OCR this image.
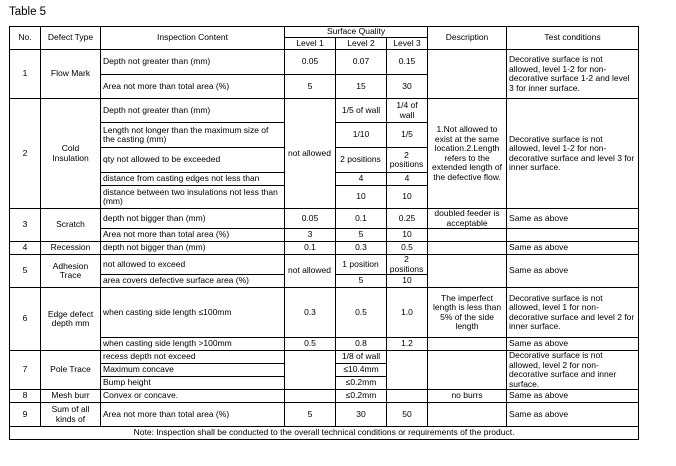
Table 5
No.	Defect Type	Inspection Content	Surface Quality			Description	Test conditions
			Level 1	Level 2	Level 3		
1	Flow Mark	Depth not greater than (mm)	0.05	0.07	0.15		Decorative surface is not allowed, level 1-2 for non-decorative surface 1-2 and level 3 for inner surface.
		Area not more than total area (%)	5	15	30		
2	Cold Insulation	Depth not greater than (mm)	not allowed	1/5 of wall	1/4 of wall	1.Not allowed to exist at the same location.2.Length refers to the extended length of the defective flow.	Decorative surface is not allowed, level 1-2 for non-decorative surface and level 3 for inner surface.
		Length not longer than the maximum size of the casting (mm)		1/10	1/5		
		qty not allowed to be exceeded		2 positions	2 positions		
		distance from casting edges not less than		4	4		
		distance between two insulations not less than (mm)		10	10		
3	Scratch	depth not bigger than (mm)	0.05	0.1	0.25	doubled feeder is acceptable	Same as above
		Area not more than total area (%)	3	5	10		
4	Recession	depth not bigger than (mm)	0.1	0.3	0.5		Same as above
5	Adhesion Trace	not allowed to exceed	not allowed	1 position	2 positions		Same as above
		area covers defective surface area (%)		5	10		
6	Edge defect depth mm	when casting side length ≤100mm	0.3	0.5	1.0	The imperfect length is less than 5% of the side length	Decorative surface is not allowed, level 1 for non-decorative surface and level 2 for inner surface.
		when casting side length >100mm	0.5	0.8	1.2		Same as above
7	Pole Trace	recess depth not exceed		1/8 of wall			Decorative surface is not allowed, level 2 for non-decorative surface and inner surface.
		Maximum concave		≤10.4mm			
		Bump height		≤0.2mm			
8	Mesh burr	Convex or concave.		≤0.2mm		no burrs	Same as above
9	Sum of all kinds of	Area not more than total area (%)	5	30	50		Same as above
Note: Inspection shall be conducted to the overall technical conditions or requirements of the product.							
